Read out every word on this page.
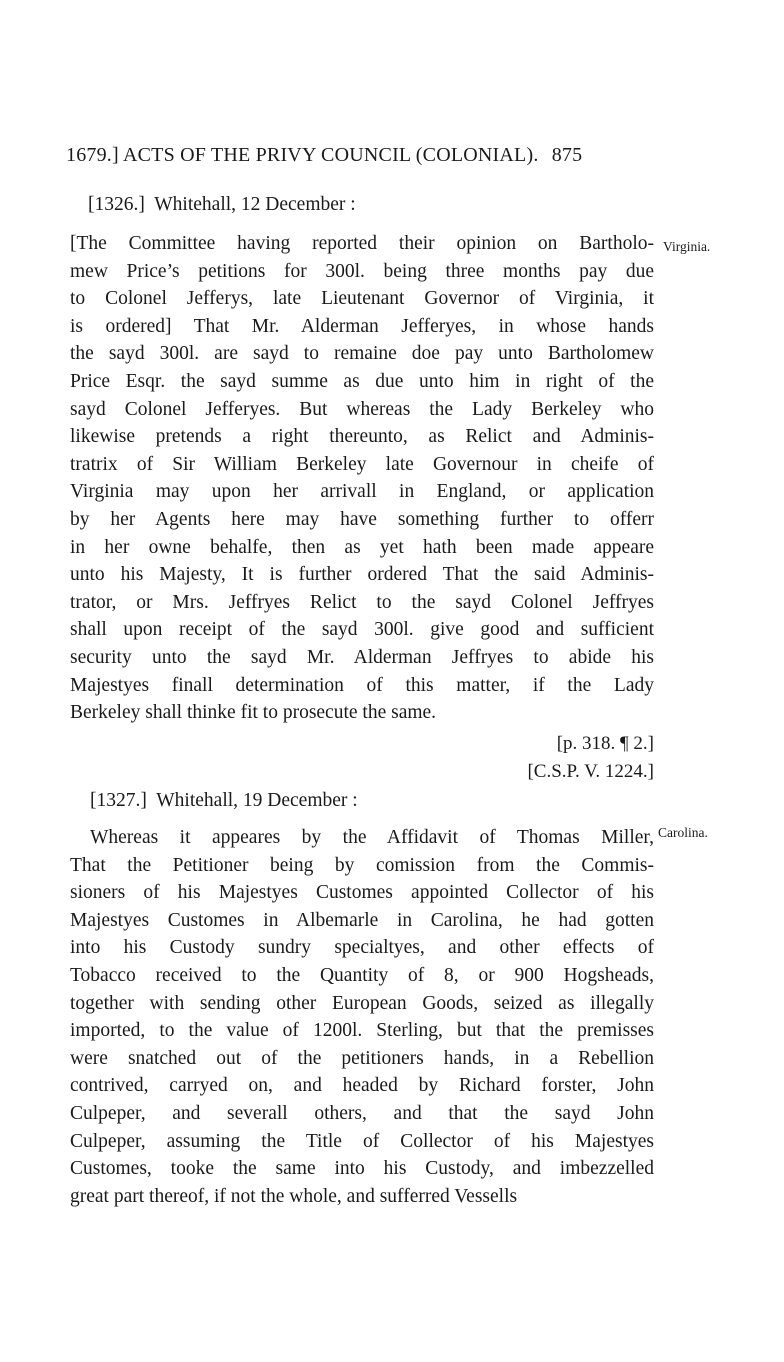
1679.] ACTS OF THE PRIVY COUNCIL (COLONIAL). 875
[1326.] Whitehall, 12 December :
Virginia.
[The Committee having reported their opinion on Bartholo-
mew Price’s petitions for 300l. being three months pay due
to Colonel Jefferys, late Lieutenant Governor of Virginia, it
is ordered] That Mr. Alderman Jefferyes, in whose hands
the sayd 300l. are sayd to remaine doe pay unto Bartholomew
Price Esqr. the sayd summe as due unto him in right of the
sayd Colonel Jefferyes. But whereas the Lady Berkeley who
likewise pretends a right thereunto, as Relict and Adminis-
tratrix of Sir William Berkeley late Governour in cheife of
Virginia may upon her arrivall in England, or application
by her Agents here may have something further to offerr
in her owne behalfe, then as yet hath been made appeare
unto his Majesty, It is further ordered That the said Adminis-
trator, or Mrs. Jeffryes Relict to the sayd Colonel Jeffryes
shall upon receipt of the sayd 300l. give good and sufficient
security unto the sayd Mr. Alderman Jeffryes to abide his
Majestyes finall determination of this matter, if the Lady
Berkeley shall thinke fit to prosecute the same.
[p. 318. ¶ 2.]
[C.S.P. V. 1224.]
[1327.] Whitehall, 19 December :
Carolina.
Whereas it appeares by the Affidavit of Thomas Miller,
That the Petitioner being by comission from the Commis-
sioners of his Majestyes Customes appointed Collector of his
Majestyes Customes in Albemarle in Carolina, he had gotten
into his Custody sundry specialtyes, and other effects of
Tobacco received to the Quantity of 8, or 900 Hogsheads,
together with sending other European Goods, seized as illegally
imported, to the value of 1200l. Sterling, but that the premisses
were snatched out of the petitioners hands, in a Rebellion
contrived, carryed on, and headed by Richard forster, John
Culpeper, and severall others, and that the sayd John
Culpeper, assuming the Title of Collector of his Majestyes
Customes, tooke the same into his Custody, and imbezzelled
great part thereof, if not the whole, and sufferred Vessells
